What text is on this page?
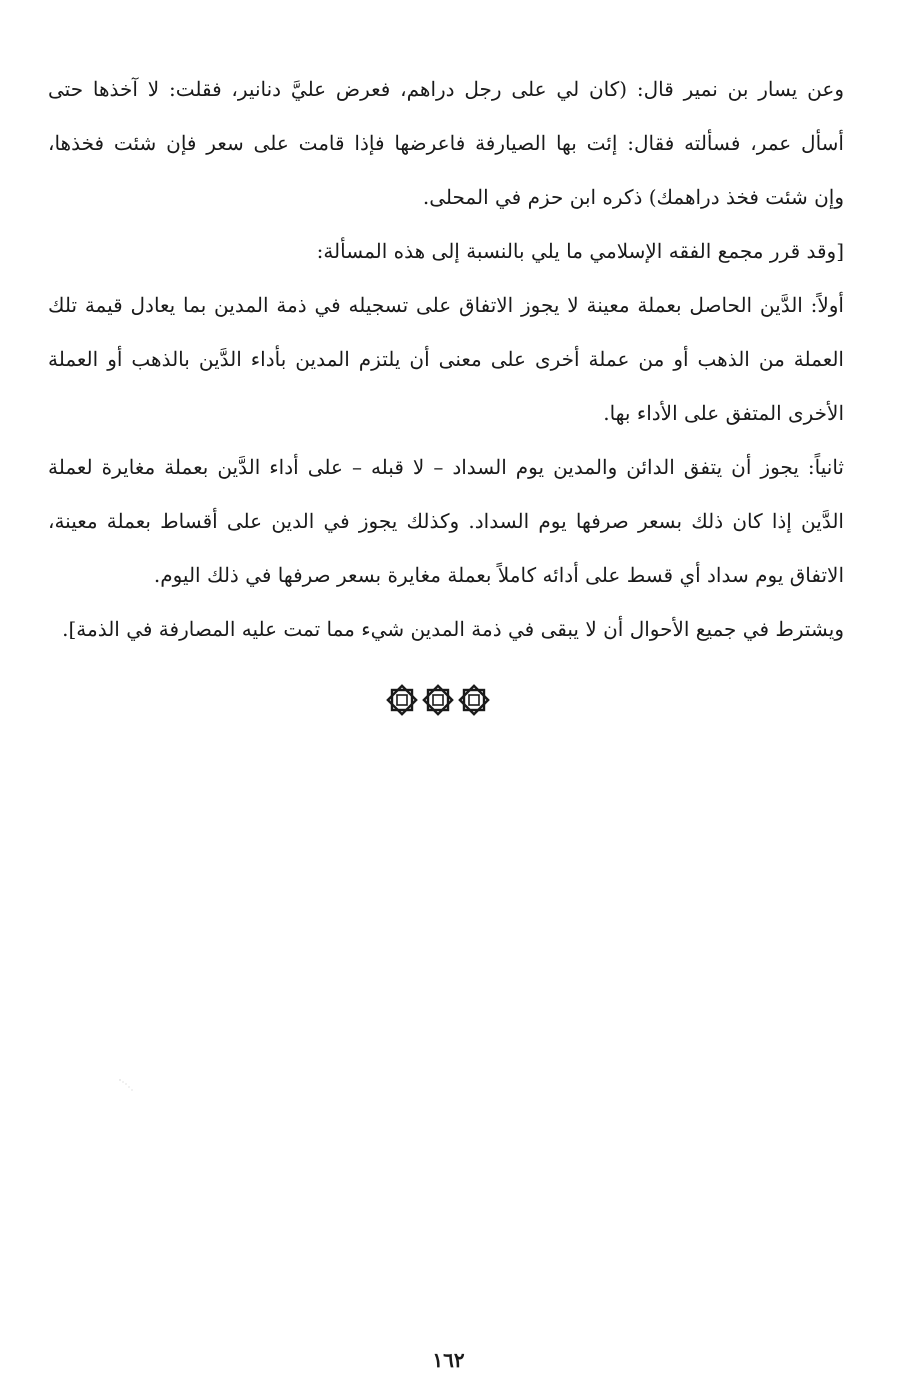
وعن يسار بن نمير قال: (كان لي على رجل دراهم، فعرض عليَّ دنانير، فقلت: لا آخذها حتى
أسأل عمر، فسألته فقال: إئت بها الصيارفة فاعرضها فإذا قامت على سعر فإن شئت فخذها،
وإن شئت فخذ دراهمك) ذكره ابن حزم في المحلى.
[وقد قرر مجمع الفقه الإسلامي ما يلي بالنسبة إلى هذه المسألة:
أولاً: الدَّين الحاصل بعملة معينة لا يجوز الاتفاق على تسجيله في ذمة المدين بما يعادل قيمة تلك
العملة من الذهب أو من عملة أخرى على معنى أن يلتزم المدين بأداء الدَّين بالذهب أو العملة
الأخرى المتفق على الأداء بها.
ثانياً: يجوز أن يتفق الدائن والمدين يوم السداد – لا قبله – على أداء الدَّين بعملة مغايرة لعملة
الدَّين إذا كان ذلك بسعر صرفها يوم السداد. وكذلك يجوز في الدين على أقساط بعملة معينة،
الاتفاق يوم سداد أي قسط على أدائه كاملاً بعملة مغايرة بسعر صرفها في ذلك اليوم.
ويشترط في جميع الأحوال أن لا يبقى في ذمة المدين شيء مما تمت عليه المصارفة في الذمة].
١٦٢
